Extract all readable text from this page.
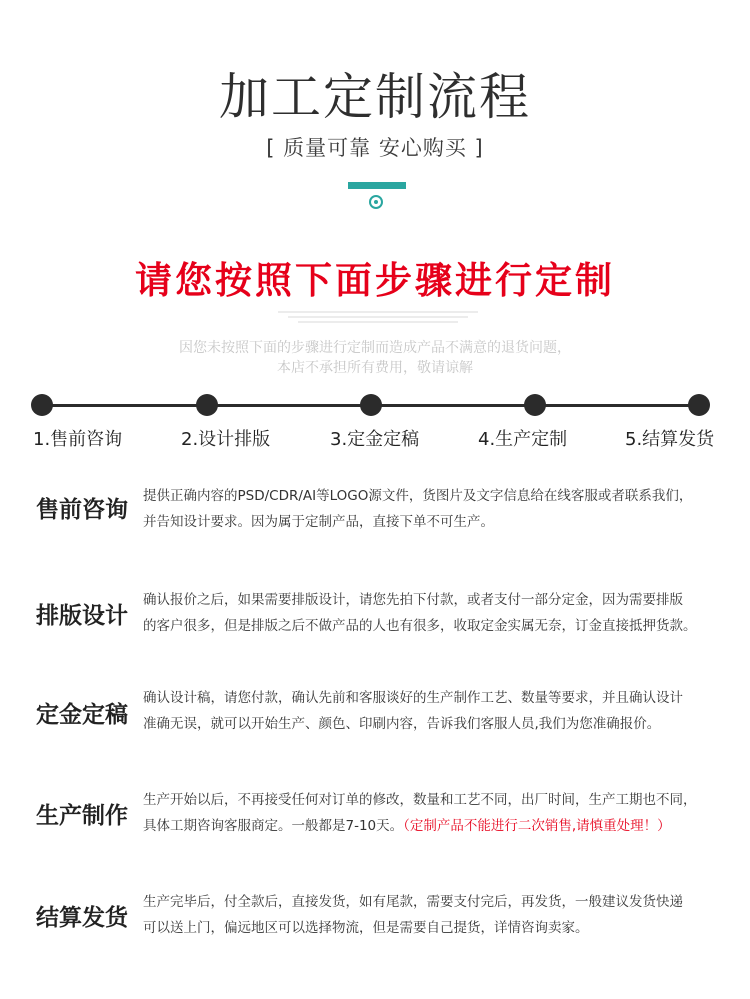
加工定制流程
[ 质量可靠 安心购买 ]
请您按照下面步骤进行定制
因您未按照下面的步骤进行定制而造成产品不满意的退货问题，
本店不承担所有费用，敬请谅解
1.售前咨询	2.设计排版	3.定金定稿	4.生产定制	5.结算发货
售前咨询

提供正确内容的PSD/CDR/AI等LOGO源文件，货图片及文字信息给在线客服或者联系我们，

并告知设计要求。因为属于定制产品，直接下单不可生产。

排版设计

确认报价之后，如果需要排版设计，请您先拍下付款，或者支付一部分定金，因为需要排版

的客户很多，但是排版之后不做产品的人也有很多，收取定金实属无奈，订金直接抵押货款。

定金定稿

确认设计稿，请您付款，确认先前和客服谈好的生产制作工艺、数量等要求，并且确认设计

准确无误，就可以开始生产、颜色、印刷内容，告诉我们客服人员,我们为您准确报价。

生产制作

生产开始以后，不再接受任何对订单的修改，数量和工艺不同，出厂时间，生产工期也不同，

具体工期咨询客服商定。一般都是7-10天。（定制产品不能进行二次销售,请慎重处理！）

结算发货

生产完毕后，付全款后，直接发货，如有尾款，需要支付完后，再发货，一般建议发货快递

可以送上门，偏远地区可以选择物流，但是需要自己提货，详情咨询卖家。
